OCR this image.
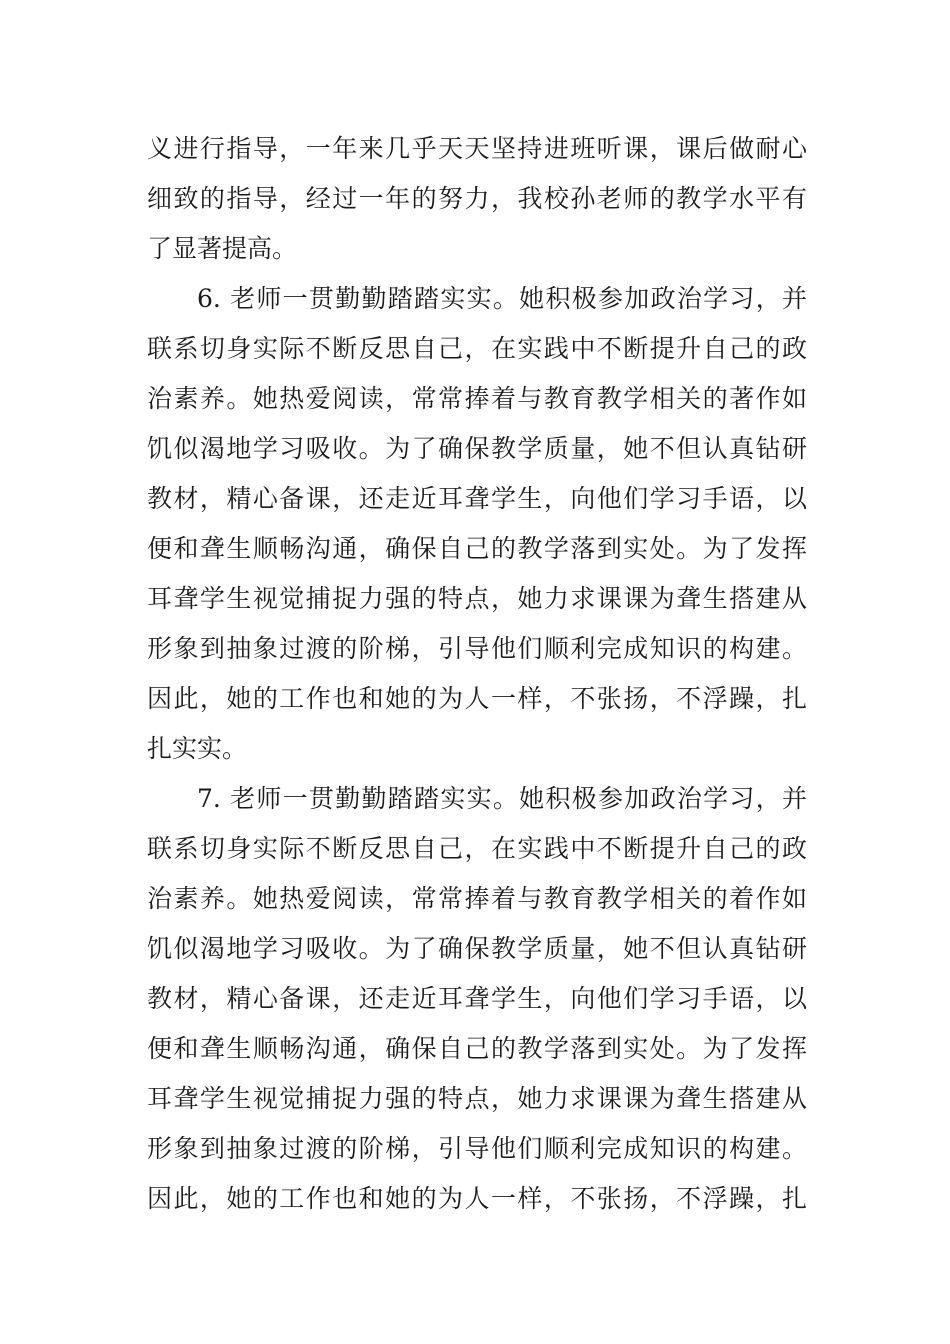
义进行指导，一年来几乎天天坚持进班听课，课后做耐心
细致的指导，经过一年的努力，我校孙老师的教学水平有
了显著提高。
6. 老师一贯勤勤踏踏实实。她积极参加政治学习，并
联系切身实际不断反思自己，在实践中不断提升自己的政
治素养。她热爱阅读，常常捧着与教育教学相关的著作如
饥似渴地学习吸收。为了确保教学质量，她不但认真钻研
教材，精心备课，还走近耳聋学生，向他们学习手语，以
便和聋生顺畅沟通，确保自己的教学落到实处。为了发挥
耳聋学生视觉捕捉力强的特点，她力求课课为聋生搭建从
形象到抽象过渡的阶梯，引导他们顺利完成知识的构建。
因此，她的工作也和她的为人一样，不张扬，不浮躁，扎
扎实实。
7. 老师一贯勤勤踏踏实实。她积极参加政治学习，并
联系切身实际不断反思自己，在实践中不断提升自己的政
治素养。她热爱阅读，常常捧着与教育教学相关的着作如
饥似渴地学习吸收。为了确保教学质量，她不但认真钻研
教材，精心备课，还走近耳聋学生，向他们学习手语，以
便和聋生顺畅沟通，确保自己的教学落到实处。为了发挥
耳聋学生视觉捕捉力强的特点，她力求课课为聋生搭建从
形象到抽象过渡的阶梯，引导他们顺利完成知识的构建。
因此，她的工作也和她的为人一样，不张扬，不浮躁，扎
